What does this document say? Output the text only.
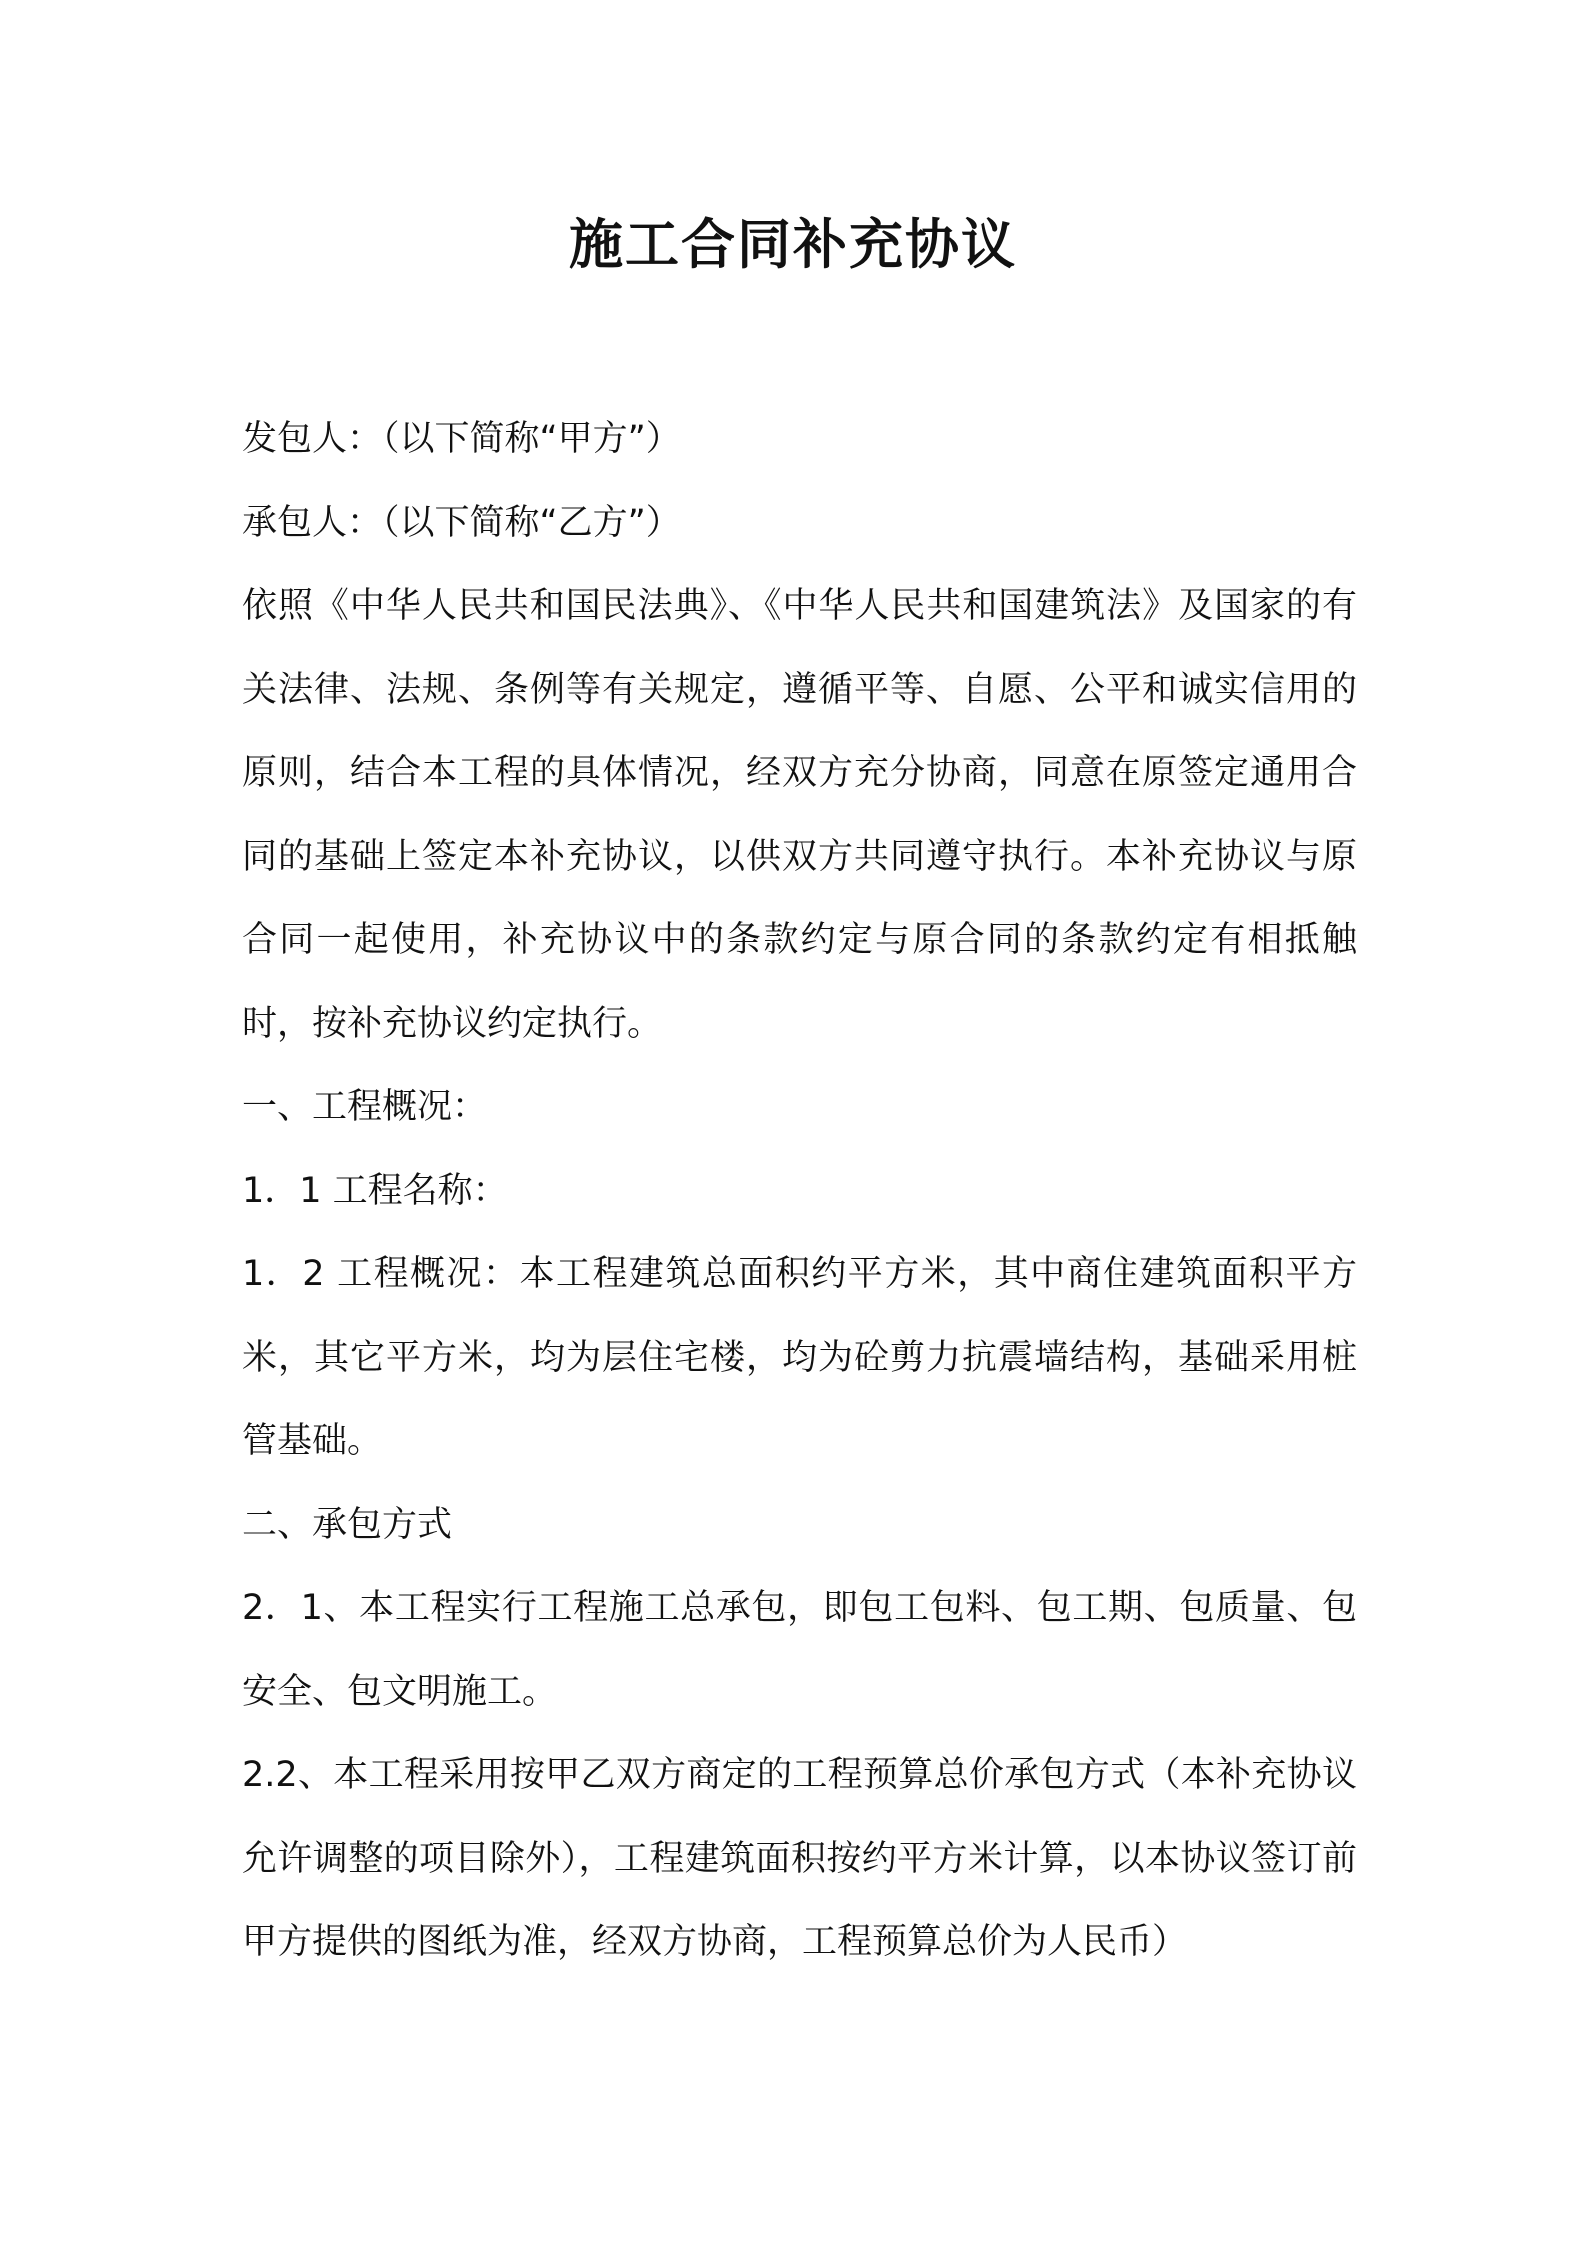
施工合同补充协议

发包人：（以下简称“甲方”）

承包人：（以下简称“乙方”）

依照《中华人民共和国民法典》、《中华人民共和国建筑法》及国家的有关法律、法规、条例等有关规定，遵循平等、自愿、公平和诚实信用的原则，结合本工程的具体情况，经双方充分协商，同意在原签定通用合同的基础上签定本补充协议，以供双方共同遵守执行。本补充协议与原合同一起使用，补充协议中的条款约定与原合同的条款约定有相抵触时，按补充协议约定执行。

一、工程概况：

1．1 工程名称：

1．2 工程概况：本工程建筑总面积约平方米，其中商住建筑面积平方米，其它平方米，均为层住宅楼，均为砼剪力抗震墙结构，基础采用桩管基础。

二、承包方式

2．1、本工程实行工程施工总承包，即包工包料、包工期、包质量、包安全、包文明施工。

2.2、本工程采用按甲乙双方商定的工程预算总价承包方式（本补充协议允许调整的项目除外），工程建筑面积按约平方米计算，以本协议签订前甲方提供的图纸为准，经双方协商，工程预算总价为人民币）
